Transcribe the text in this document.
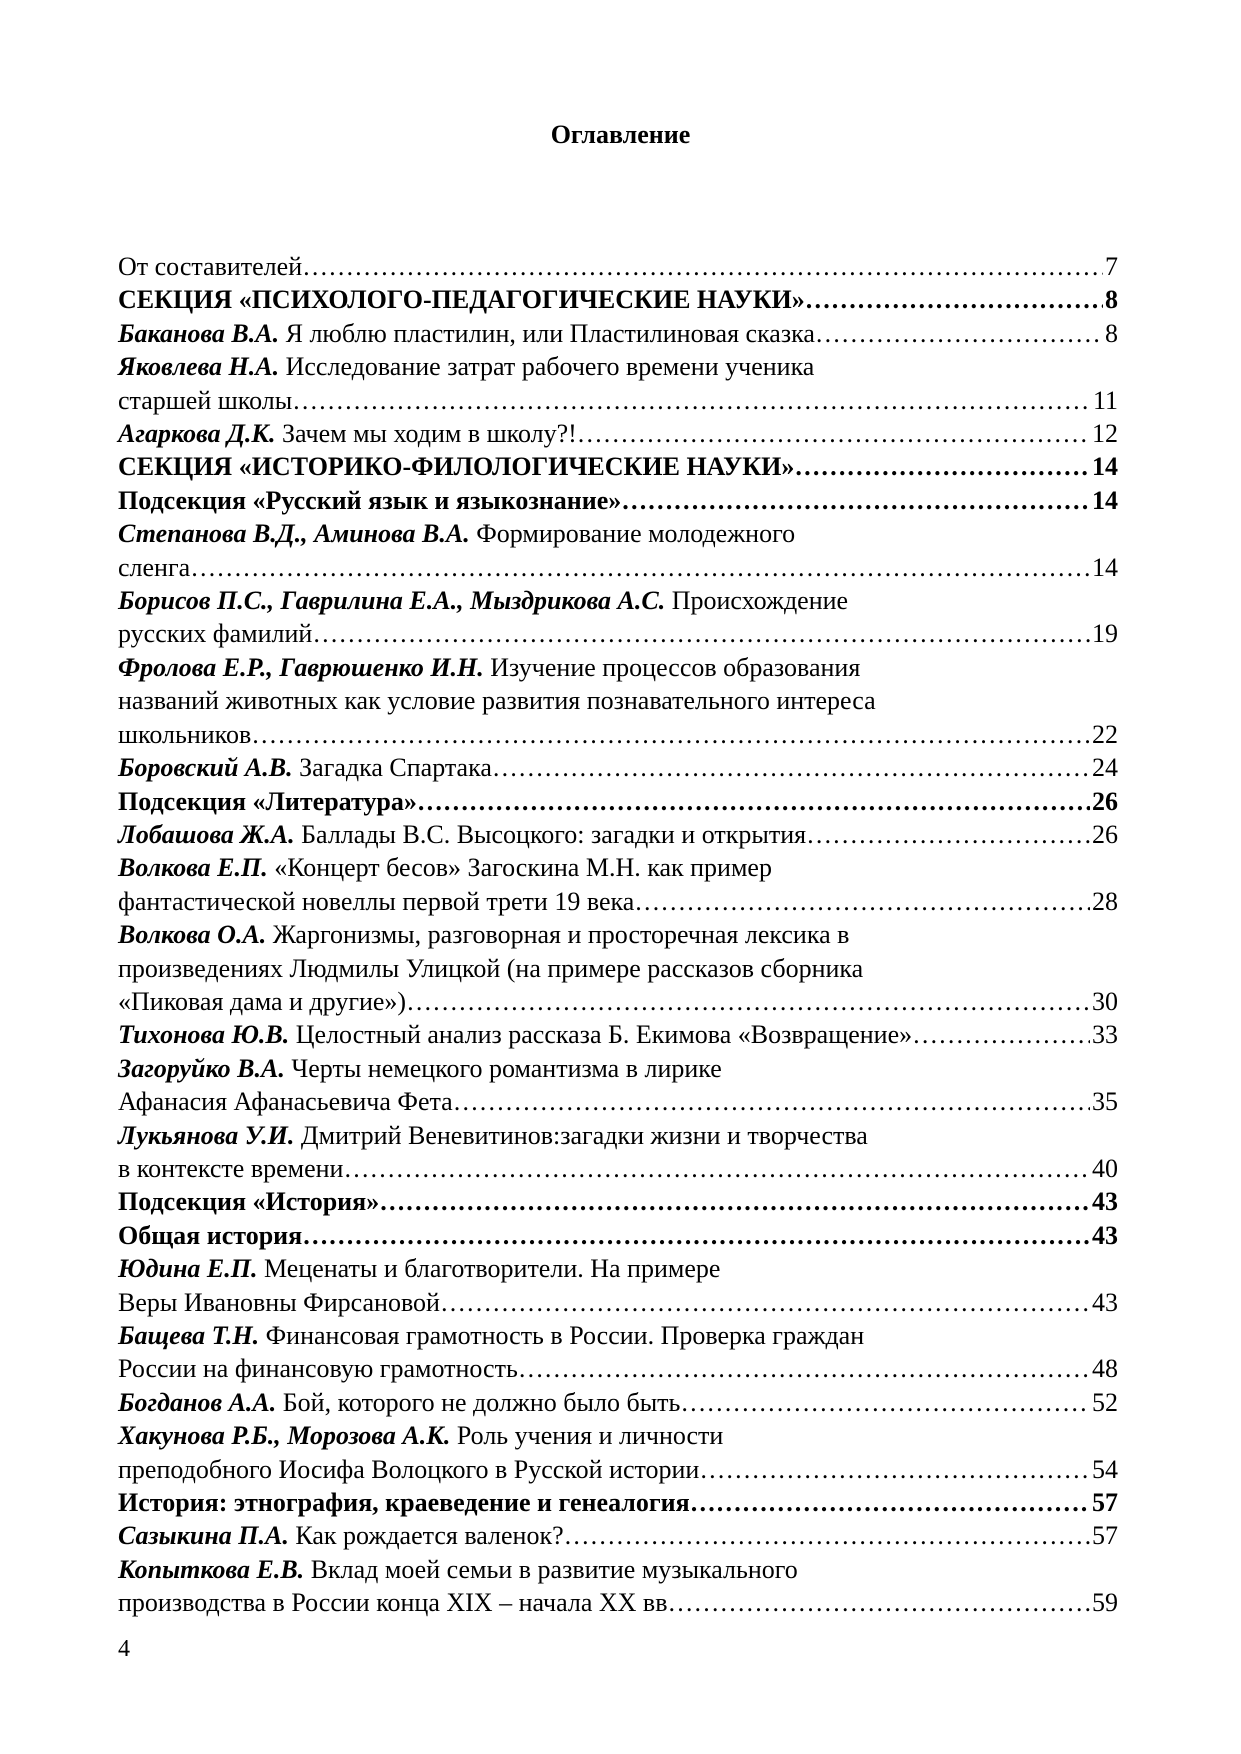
Оглавление
От составителей ………………………………………………………………………………………………………………………………………………………………	7
СЕКЦИЯ «ПСИХОЛОГО-ПЕДАГОГИЧЕСКИЕ НАУКИ» ………………………………………………………………………………………………………………………………………………………………	8
Баканова В.А. Я люблю пластилин, или Пластилиновая сказка ………………………………………………………………………………………………………………………………………………………………	8
Яковлева Н.А. Исследование затрат рабочего времени ученика
старшей школы ………………………………………………………………………………………………………………………………………………………………	11
Агаркова Д.К. Зачем мы ходим в школу?! ………………………………………………………………………………………………………………………………………………………………	12
СЕКЦИЯ «ИСТОРИКО-ФИЛОЛОГИЧЕСКИЕ НАУКИ» ………………………………………………………………………………………………………………………………………………………………	14
Подсекция «Русский язык и языкознание» ………………………………………………………………………………………………………………………………………………………………	14
Степанова В.Д., Аминова В.А. Формирование молодежного
сленга ………………………………………………………………………………………………………………………………………………………………	14
Борисов П.С., Гаврилина Е.А., Мыздрикова А.С. Происхождение
русских фамилий ………………………………………………………………………………………………………………………………………………………………	19
Фролова Е.Р., Гаврюшенко И.Н. Изучение процессов образования
названий животных как условие развития познавательного интереса
школьников ………………………………………………………………………………………………………………………………………………………………	22
Боровский А.В. Загадка Спартака ………………………………………………………………………………………………………………………………………………………………	24
Подсекция «Литература» ………………………………………………………………………………………………………………………………………………………………	26
Лобашова Ж.А. Баллады В.С. Высоцкого: загадки и открытия ………………………………………………………………………………………………………………………………………………………………	26
Волкова Е.П. «Концерт бесов» Загоскина М.Н. как пример
фантастической новеллы первой трети 19 века ………………………………………………………………………………………………………………………………………………………………	28
Волкова О.А. Жаргонизмы, разговорная и просторечная лексика в
произведениях Людмилы Улицкой (на примере рассказов сборника
«Пиковая дама и другие») ………………………………………………………………………………………………………………………………………………………………	30
Тихонова Ю.В. Целостный анализ рассказа Б. Екимова «Возвращение» ………………………………………………………………………………………………………………………………………………………………	33
Загоруйко В.А. Черты немецкого романтизма в лирике
Афанасия Афанасьевича Фета ………………………………………………………………………………………………………………………………………………………………	35
Лукьянова У.И. Дмитрий Веневитинов:загадки жизни и творчества
в контексте времени ………………………………………………………………………………………………………………………………………………………………	40
Подсекция «История» ………………………………………………………………………………………………………………………………………………………………	43
Общая история ………………………………………………………………………………………………………………………………………………………………	43
Юдина Е.П. Меценаты и благотворители. На примере
Веры Ивановны Фирсановой ………………………………………………………………………………………………………………………………………………………………	43
Бащева Т.Н. Финансовая грамотность в России. Проверка граждан
России на финансовую грамотность ………………………………………………………………………………………………………………………………………………………………	48
Богданов А.А. Бой, которого не должно было быть ………………………………………………………………………………………………………………………………………………………………	52
Хакунова Р.Б., Морозова А.К. Роль учения и личности
преподобного Иосифа Волоцкого в Русской истории ………………………………………………………………………………………………………………………………………………………………	54
История: этнография, краеведение и генеалогия ………………………………………………………………………………………………………………………………………………………………	57
Сазыкина П.А. Как рождается валенок? ………………………………………………………………………………………………………………………………………………………………	57
Копыткова Е.В. Вклад моей семьи в развитие музыкального
производства в России конца XIX – начала XX вв ………………………………………………………………………………………………………………………………………………………………	59
4
